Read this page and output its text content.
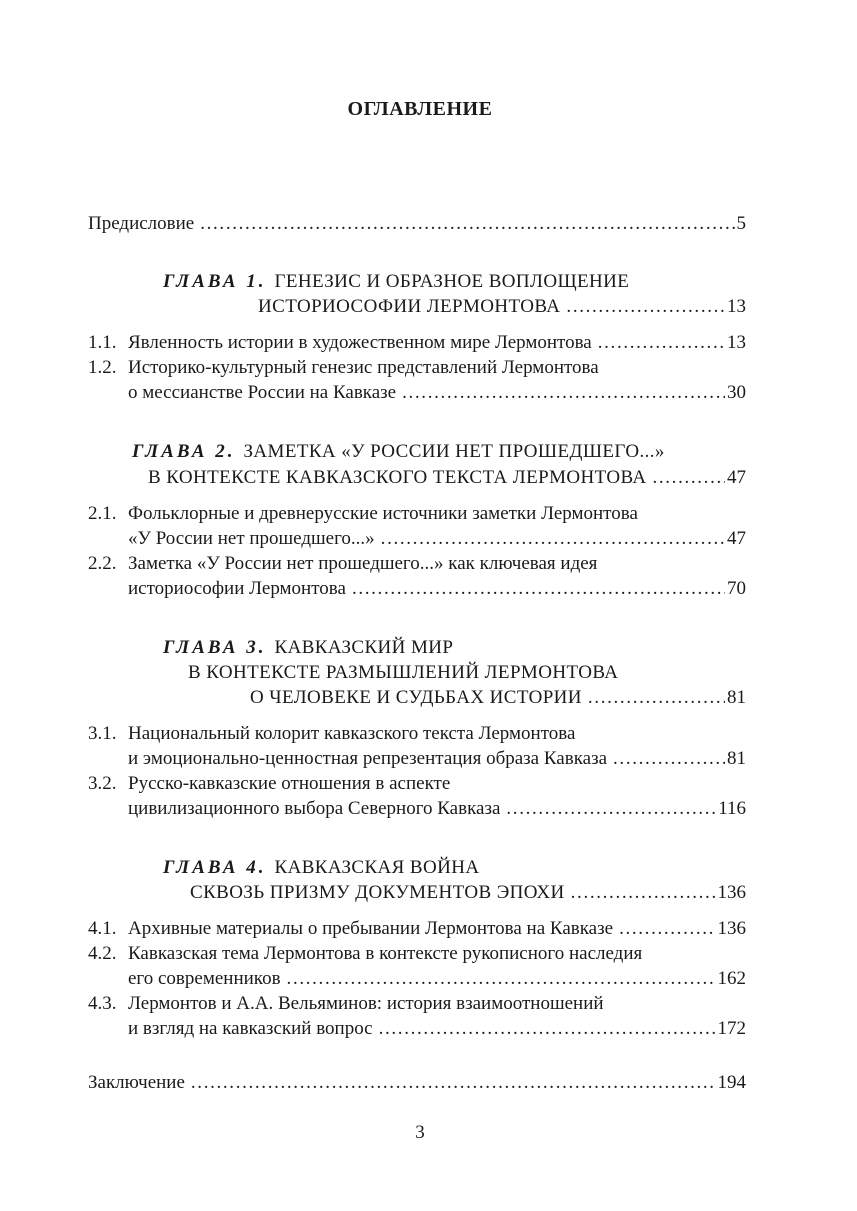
ОГЛАВЛЕНИЕ
Предисловие . . .	5
ГЛАВА 1. ГЕНЕЗИС И ОБРАЗНОЕ ВОПЛОЩЕНИЕ
ИСТОРИОСОФИИ ЛЕРМОНТОВА . . .	13
1.1. Явленность истории в художественном мире Лермонтова . . .	13
1.2. Историко-культурный генезис представлений Лермонтова
о мессианстве России на Кавказе . . .	30
ГЛАВА 2. ЗАМЕТКА «У РОССИИ НЕТ ПРОШЕДШЕГО...»
В КОНТЕКСТЕ КАВКАЗСКОГО ТЕКСТА ЛЕРМОНТОВА . . .	47
2.1. Фольклорные и древнерусские источники заметки Лермонтова
«У России нет прошедшего...» . . .	47
2.2. Заметка «У России нет прошедшего...» как ключевая идея
историософии Лермонтова . . .	70
ГЛАВА 3. КАВКАЗСКИЙ МИР
В КОНТЕКСТЕ РАЗМЫШЛЕНИЙ ЛЕРМОНТОВА
О ЧЕЛОВЕКЕ И СУДЬБАХ ИСТОРИИ . . .	81
3.1. Национальный колорит кавказского текста Лермонтова
и эмоционально-ценностная репрезентация образа Кавказа . . .	81
3.2. Русско-кавказские отношения в аспекте
цивилизационного выбора Северного Кавказа . . .	116
ГЛАВА 4. КАВКАЗСКАЯ ВОЙНА
СКВОЗЬ ПРИЗМУ ДОКУМЕНТОВ ЭПОХИ . . .	136
4.1. Архивные материалы о пребывании Лермонтова на Кавказе . . .	136
4.2. Кавказская тема Лермонтова в контексте рукописного наследия
его современников . . .	162
4.3. Лермонтов и А.А. Вельяминов: история взаимоотношений
и взгляд на кавказский вопрос . . .	172
Заключение . . .	194
3
